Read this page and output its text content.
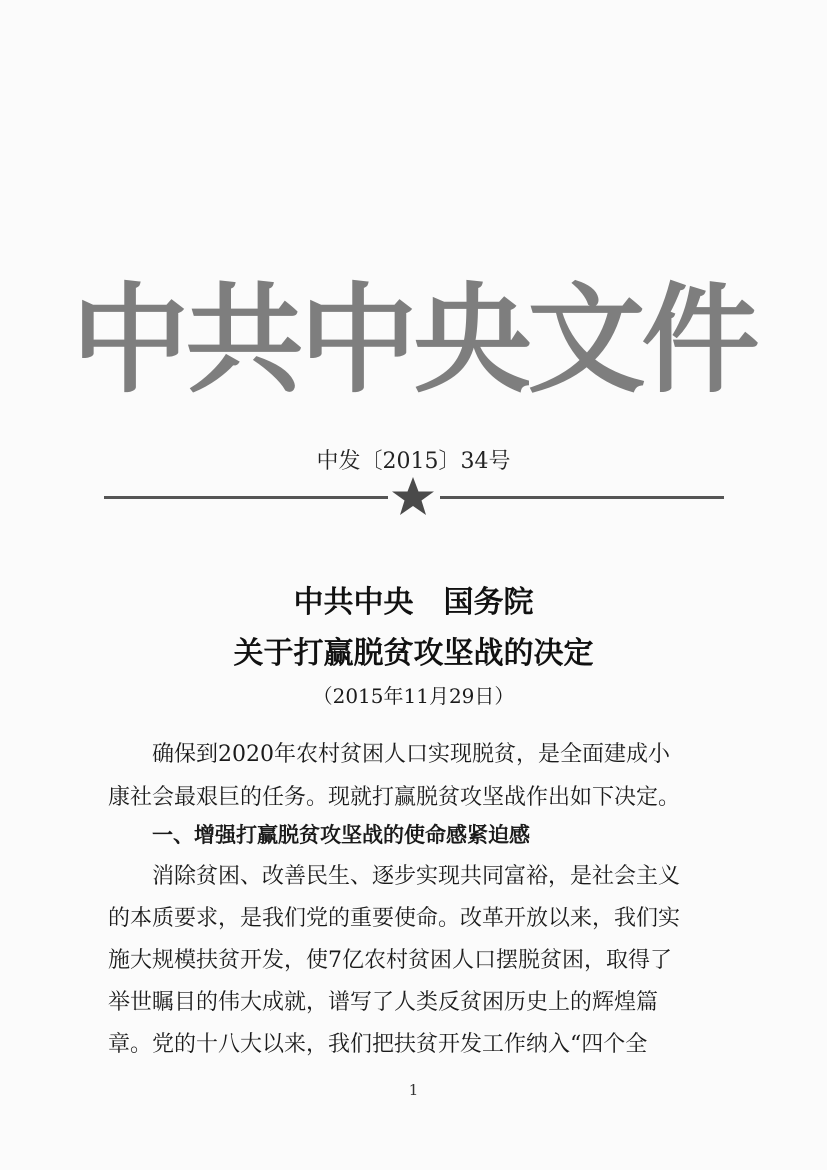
中共中央文件
中发〔2015〕34号
中共中央　国务院
关于打赢脱贫攻坚战的决定
（2015年11月29日）
确保到2020年农村贫困人口实现脱贫，是全面建成小
康社会最艰巨的任务。现就打赢脱贫攻坚战作出如下决定。
一、增强打赢脱贫攻坚战的使命感紧迫感
消除贫困、改善民生、逐步实现共同富裕，是社会主义
的本质要求，是我们党的重要使命。改革开放以来，我们实
施大规模扶贫开发，使7亿农村贫困人口摆脱贫困，取得了
举世瞩目的伟大成就，谱写了人类反贫困历史上的辉煌篇
章。党的十八大以来，我们把扶贫开发工作纳入“四个全
1
